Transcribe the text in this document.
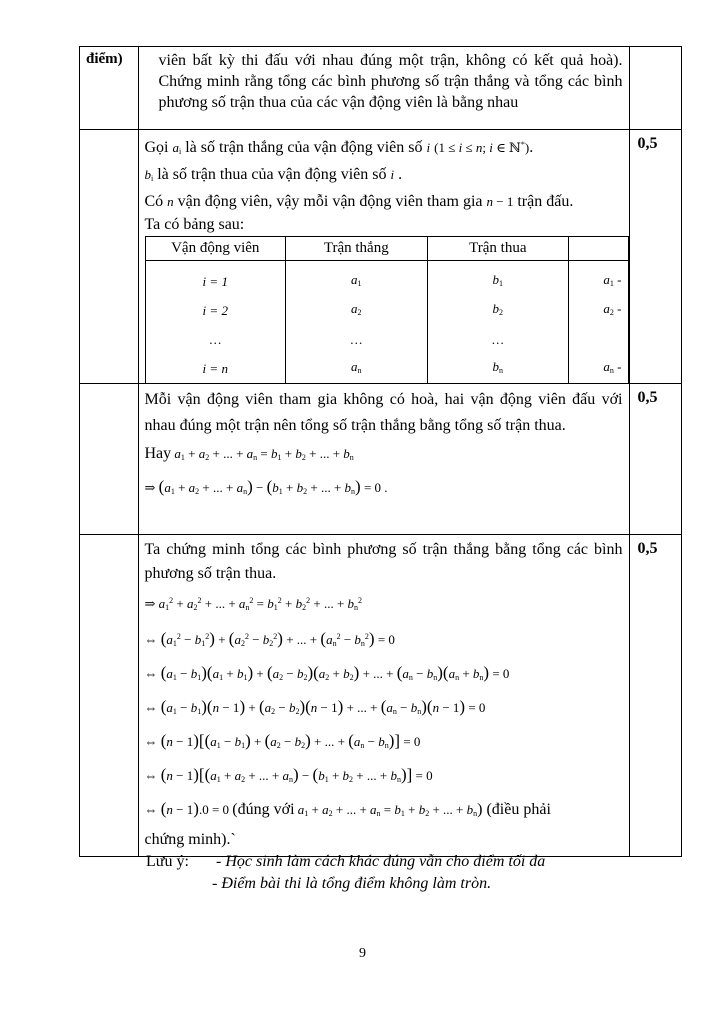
điểm)	viên bất kỳ thi đấu với nhau đúng một trận, không có kết quả hoà). Chứng minh rằng tổng các bình phương số trận thắng và tổng các bình phương số trận thua của các vận động viên là bằng nhau

Gọi $a_i$ là số trận thắng của vận động viên số i (1 ≤ i ≤ n; i ∈ ℕ*).
$b_i$ là số trận thua của vận động viên số i .
Có n vận động viên, vậy mỗi vận động viên tham gia n − 1 trận đấu.
Ta có bảng sau:
Vận động viên	Trận thắng	Trận thua	
i = 1	$a_1$	$b_1$	$a_1$ -
i = 2	$a_2$	$b_2$	$a_2$ -
…	…	…	
i = n	$a_n$	$b_n$	$a_n$ -
	0,5

Mỗi vận động viên tham gia không có hoà, hai vận động viên đấu với nhau đúng một trận nên tổng số trận thắng bằng tổng số trận thua.
Hay $a_1 + a_2$ + ... + $a_n = b_1 + b_2$ + ... + $b_n$
⇒ ($a_1 + a_2$ + ... + $a_n) - (b_1 + b_2$ + ... + $b_n) = 0$ .
	0,5

Ta chứng minh tổng các bình phương số trận thắng bằng tổng các bình phương số trận thua.
⇒ $a_1^2 + a_2^2$ + ... + $a_n^2 = b_1^2 + b_2^2$ + ... + $b_n^2$
⇔ $(a_1^2 - b_1^2) + (a_2^2 - b_2^2)$ + ... + $(a_n^2 - b_n^2) = 0$
⇔ $(a_1 - b_1)(a_1 + b_1) + (a_2 - b_2)(a_2 + b_2)$ + ... + $(a_n - b_n)(a_n + b_n) = 0$
⇔ $(a_1 - b_1)(n - 1) + (a_2 - b_2)(n - 1)$ + ... + $(a_n - b_n)(n - 1) = 0$
⇔ $(n - 1)[(a_1 - b_1) + (a_2 - b_2)$ + ... + $(a_n - b_n)] = 0$
⇔ $(n - 1)[(a_1 + a_2$ + ... + $a_n) - (b_1 + b_2$ + ... + $b_n)] = 0$
⇔ (n − 1).0 = 0 (đúng với $a_1 + a_2$ + ... + $a_n = b_1 + b_2$ + ... + $b_n$) (điều phải
chứng minh).`
	0,5
Lưu ý: - Học sinh làm cách khác đúng vẫn cho điểm tối đa
- Điểm bài thi là tổng điểm không làm tròn.
9
